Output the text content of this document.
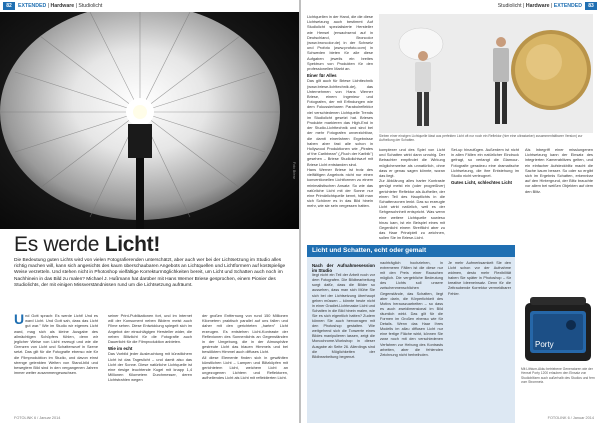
82	EXTENDED | Hardware | Studiolicht
Foto: Briese
Es werde Licht!
Die Bedeutung guten Lichts wird von vielen Fotografierenden unterschätzt, aber auch wer bei der Lichtsetzung im Studio alles richtig machen will, kann sich angesichts des kaum überschaubaren Angebots an Lichtquellen und Lichtformern auf kostspielige Weise verzetteln. Und stehen nicht in Photoshop vielfältige Korrekturmöglichkeiten bereit, um Licht und Schatten auch noch im Nachhinein in das Bild zu malen? Michael J. Hußmann hat darüber mit Hans Werner Briese gesprochen, einem Pionier des Studiolichts, der mit einigen Missverständnissen rund um die Lichtsetzung aufräumt.
Und Gott sprach: Es werde Licht! Und es ward Licht. Und Gott sah, dass das Licht gut war." Wie im Studio wir eigenes Licht ward, mag sich als kleine Ausgabe des allmächtigen Schöpfers fühlen, denn wir jeglicher Weise von Licht erzeugt und wie die Grenzen von Licht und Schattenwurf in Szene setzt. Das gilt für die Fotografie ebenso wie für die Filmproduktion im Studio, und davon einst strenge gelenkten Welten von Stand-bild und bewegtem Bild sind in den vergangenen Jahren immer weiter zusammengewachsen.

seiner Print-Publikationen fort, und im Internet will der Konsument neben Bildern meist auch Filme sehen. Diese Entwicklung spiegelt sich im Angebot der einschlägigen Hersteller wider, die neben Blitzlicht für die Fotografie auch Dauerlicht für die Filmproduktion anbieten.

Wie im echt

Das Vorbild jeder Ausleuchtung mit künstlichem Licht ist das Tageslicht – und damit also das Licht der Sonne. Diese natürliche Lichtquelle ist eine riesige leuchtende Kugel mit knapp 1,4 Millionen Kilometern Durchmesser, deren Lichtstrahlen wegen

der großen Entfernung von rund 150 Millionen Kilometern praktisch parallel auf uns fallen und daher mit den gerichteten „harten" Licht erzeugen. Es entstehen Licht-Kontraste der Reflexionen des Sonnenlichts an Gegenständen in der Umgebung, die in der Atmosphäre gestreute Licht das blauen Himmels und bei bewölktem Himmel auch diffuses Licht.

All diese Elemente finden sich in gewählten künstlichen Licht – Lampen und Blitzköpfen mit gerichtetem Licht, weichem Licht an ungezogenen Lichtern und Reflektoren, aufhellendes Licht als Licht mit reflektierten Licht.

FOTOLINK 6 / Januar 2014
Studiolicht | Hardware | EXTENDED	83

Lichtquellen in der Hand, die die diese Lichtsetzung auch bestimmt Auf Studiolicht spezialisierte Hersteller wie Hensel (erwachsend auf in Deutschland, Broncolor (www.broncolor.de) in der Schweiz und Profoto (www.profoto.com) in Schweden bieten für alle diese Aufgaben jeweils ein breites Spektrum von Produkten für den professionellen Markt an.

Einer für Alles

Das gilt auch für Briese Lichttechnik (www.briese-lichttechnik.de), das Unternehmen von Hans Werner Briese, einem Ingenieur und Fotografen, der mit Erfindungen wie dem Fokussierbaren Parabolreflektor viel verschiedenen Lichtquelle Trends im Studiolicht gesetzt hat. Brieses Produkte markieren das High-End in der Studio-Lichttechnik und sind bei der mehr Fotografen unverzichtbar, die damit einerfahren Ergebnisse haben aber fast alle schon in Hollywood Produktionen wie „Pirates of the Caribbean" („Fluch der Karibik") gesehen – Briese Studiolichtwurf mit Briese Licht entstanden sind.

Hans Werner Briese ist trotz des vielfältigen Angebots nicht nur einen konventionellen Lichtformen zu einem minimalistischen Ansatz: So wie das natürliche Licht mit der Sonne nur eine Primärlichtquelle kennt, hält man sich Schöner es in das Bild hinein mehr, wie sie sein vergessen hatten.

Sieben einer einzigen Lichtquelle lässt aus perfekten Licht oft nur noch ein Reflektor (hier eine ultrastarker) zusammenfaltbarer Version) zur Aufhellung der Schatten.

komplexer und des Spiel von Licht und Schatten wirkt dann unruhig. Der Betrachter empfindet die Wirkung möglicherweise als unnatürlich, ohne dass er genau sagen könnte, woran das liegt.

Zur Abklärung alles harter Kontraste genügt meist ein (oder progreßiver) gerichteter Reflektor als Aufheller, der einen Teil des Hauptlichts in die Schattenzonen lenkt. Das so erzeugte Licht wirkt natürlich, weil es der Sehgewohnheit entspricht. Was wenn eine weitere Lichtquelle sowieso hinzu kam, ist ein Beispiel eines mit Gegenlicht einem Streiflicht aber zu das Haar Prinzipiell zu zeichnen, sollen Sie im Briese-Licht.

Set-up hinzufügen. Außerdem ist nicht in allen Fällen ein natürlicher Eindruck gefragt, so verlangt die Glamour-Fotografie geradezu eine dramatische Lichtsetzung, die ihre Entstehung im Studio nicht verleugnet.

Gutes Licht, schlechtes Licht

Als Inbegriff einer misslungenen Lichtsetzung kann der Einsatz des integrierten Kamerablitzes gelten, und ein einfacher Aufsteckblitz macht die Sache kaum besser. So oder so ergibt sich im Ergebnis Schatten, erkennbar auf den Hintergrund, der Blitz brauchte vor allem bei weißen Objekten auf dem den Blitz.

Licht und Schatten, echt oder gemalt
Nach der Aufnahmesession im Studio

liegt nicht ein Teil der Arbeit noch vor dem Fotografen. Die Bildbearbeitung sorgt dafür, dass die Bilder so aussehen, dass man sich Mühe Sie sich bei der Lichtsetzung überhaupt geben müssen – könnte heute nicht in einer Gradiet-Lichtmaske Licht und Schatten in die Bild hinein malen, wie Sie es sich eigentlich hatten? Zudem können Sie auch hervorragen mit den Photoshop gestalten. Wie weitgehend sich die Tonwerte eines Bildes manipulieren lassen, zeigt die Monochrome-Workshop in dieser Ausgabe ab Seite 26. Allerdings sind die Möglichkeiten der Bildbearbeitung begrenzt.

nachträglich hochziehen, in extremeren Fällen ist die diese nur mit den Preis einer Rauschen möglich. Die vergebliche Bedeutung des Lichts soll unsere zwischenmenschlichen Gegenstände, das Schatten, liegt aber darin, die Körperlichkeit des Motivs herauszuarbeiten – so dass es auch zweidimensional im Bild räumlich wirkt. Das gilt für die Formen im Großen ebenso wie für Details. Wenn das Haar Ihres Modells im allzu diffusen Licht nur eine fertige Fläche wirkt, können Sie zwar noch mit den verschiedenen Verfahren zur Hebung des Kontrasts arbeiten, aber die fehlenden Zeichnung nicht herbeiholen.
Je mehr Aufmerksamkeit Sie den Licht schon vor der Aufnahme widmen, desto mehr Flexibilität haben Sie später in Photoshop – für kreative Ideeneinsatz. Denn für die Zeitraubende Korrektur vermeidbarer Fehler.
Porty
Mit Lithium-Akku betriebene Generatoren wie der Hensel Porty 1200 erlauben den Einsatz von Studioblitzen auch außerhalb des Studios und fern vom Stromnetz.
FOTOLINK 6 / Januar 2014
